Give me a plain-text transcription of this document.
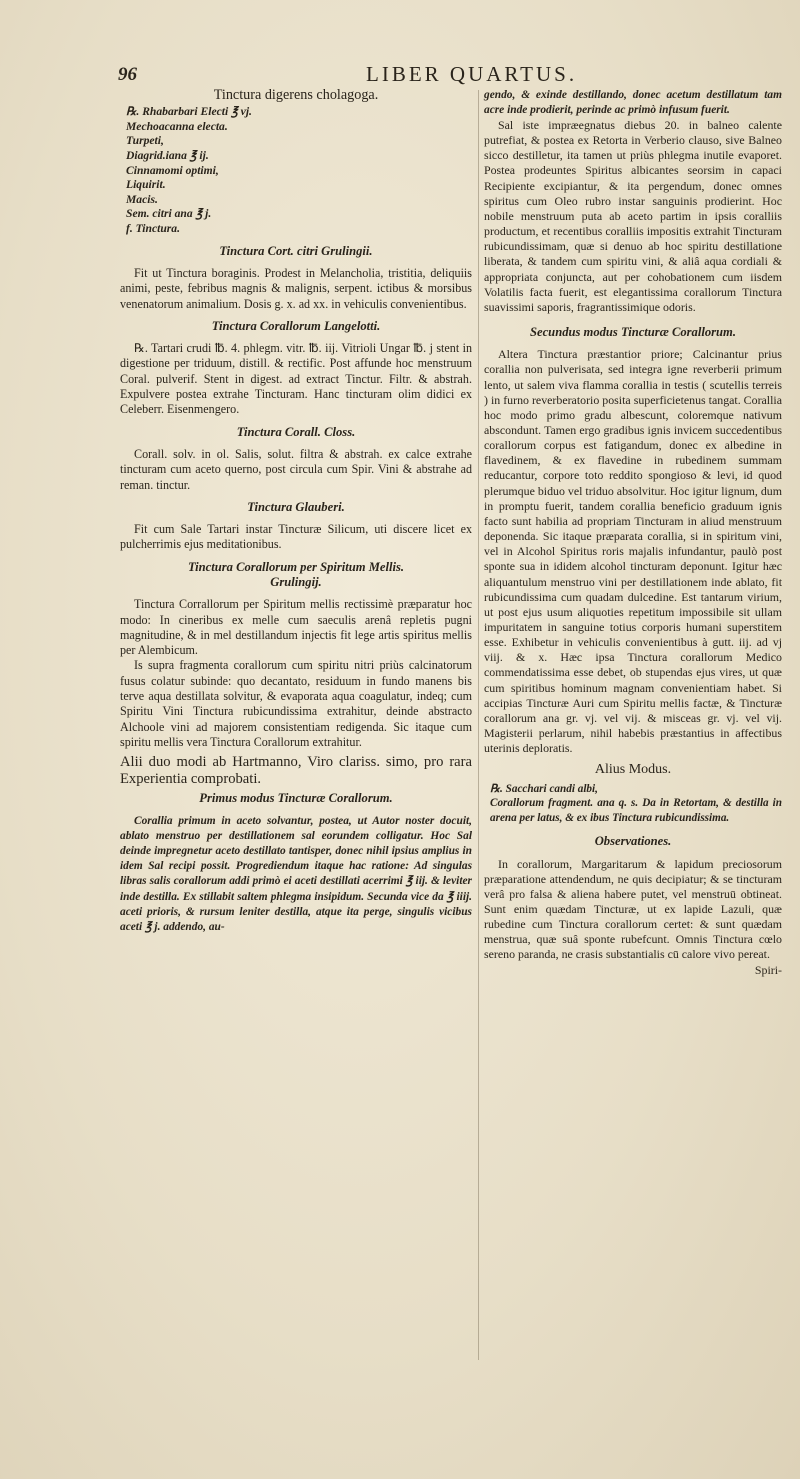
96	LIBER QUARTUS.

Tinctura digerens cholagoga.

℞. Rhabarbari Electi ℥ vj.
Mechoacanna electa.
Turpeti,
Diagrid.iana ℥ ij.
Cinnamomi optimi,
Liquirit.
Macis.
Sem. citri ana ℥ j.
f. Tinctura.

Tinctura Cort. citri Grulingii.

Fit ut Tinctura boraginis. Prodest in Melancholia, tristitia, deliquiis animi, peste, febribus magnis & malignis, serpent. ictibus & morsibus venenatorum animalium. Dosis g. x. ad xx. in vehiculis convenientibus.

Tinctura Corallorum Langelotti.

℞. Tartari crudi ℔. 4. phlegm. vitr. ℔. iij. Vitrioli Ungar ℔. j stent in digestione per triduum, distill. & rectific. Post affunde hoc menstruum Coral. pulverif. Stent in digest. ad extract Tinctur. Filtr. & abstrah. Expulvere postea extrahe Tincturam. Hanc tincturam olim didici ex Celeberr. Eisenmengero.

Tinctura Corall. Closs.

Corall. solv. in ol. Salis, solut. filtra & abstrah. ex calce extrahe tincturam cum aceto querno, post circula cum Spir. Vini & abstrahe ad reman. tinctur.

Tinctura Glauberi.

Fit cum Sale Tartari instar Tincturæ Silicum, uti discere licet ex pulcherrimis ejus meditationibus.

Tinctura Corallorum per Spiritum Mellis.

Grulingij.

Tinctura Corrallorum per Spiritum mellis rectissimè præparatur hoc modo: In cineribus ex melle cum saeculis arenâ repletis pugni magnitudine, & in mel destillandum injectis fit lege artis spiritus mellis per Alembicum.

Is supra fragmenta corallorum cum spiritu nitri priùs calcinatorum fusus colatur subinde: quo decantato, residuum in fundo manens bis terve aqua destillata solvitur, & evaporata aqua coagulatur, indeq; cum Spiritu Vini Tinctura rubicundissima extrahitur, deinde abstracto Alchoole vini ad majorem consistentiam redigenda. Sic itaque cum spiritu mellis vera Tinctura Corallorum extrahitur.

Alii duo modi ab Hartmanno, Viro clariss. simo, pro rara Experientia comprobati.

Primus modus Tincturæ Corallorum.

Corallia primum in aceto solvantur, postea, ut Autor noster docuit, ablato menstruo per destillationem sal eorundem colligatur. Hoc Sal deinde impregnetur aceto destillato tantisper, donec nihil ipsius amplius in idem Sal recipi possit. Progrediendum itaque hac ratione: Ad singulas libras salis corallorum addi primò ei aceti destillati acerrimi ℥ iij. & leviter inde destilla. Ex stillabit saltem phlegma insipidum. Secunda vice da ℥ iiij. aceti prioris, & rursum leniter destilla, atque ita perge, singulis vicibus aceti ℥ j. addendo, au-

gendo, & exinde destillando, donec acetum destillatum tam acre inde prodierit, perinde ac primò infusum fuerit.

Sal iste impræegnatus diebus 20. in balneo calente putrefiat, & postea ex Retorta in Verberio clauso, sive Balneo sicco destilletur, ita tamen ut priùs phlegma inutile evaporet. Postea prodeuntes Spiritus albicantes seorsim in capaci Recipiente excipiantur, & ita pergendum, donec omnes spiritus cum Oleo rubro instar sanguinis prodierint. Hoc nobile menstruum puta ab aceto partim in ipsis coralliis productum, et recentibus coralliis impositis extrahit Tincturam rubicundissimam, quæ si denuo ab hoc spiritu destillatione liberata, & tandem cum spiritu vini, & aliâ aqua cordiali & appropriata conjuncta, aut per cohobationem cum iisdem Volatilis facta fuerit, est elegantissima corallorum Tinctura suavissimi saporis, fragrantissimique odoris.

Secundus modus Tincturæ Corallorum.

Altera Tinctura præstantior priore; Calcinantur prius corallia non pulverisata, sed integra igne reverberii primum lento, ut salem viva flamma corallia in testis ( scutellis terreis ) in furno reverberatorio posita superficietenus tangat. Corallia hoc modo primo gradu albescunt, coloremque nativum abscondunt. Tamen ergo gradibus ignis invicem succedentibus corallorum corpus est fatigandum, donec ex albedine in flavedinem, & ex flavedine in rubedinem summam reducantur, corpore toto reddito spongioso & levi, id quod plerumque biduo vel triduo absolvitur. Hoc igitur lignum, dum in promptu fuerit, tandem corallia beneficio graduum ignis facto sunt habilia ad propriam Tincturam in aliud menstruum deponenda. Sic itaque præparata corallia, si in spiritum vini, vel in Alcohol Spiritus roris majalis infundantur, paulò post sponte sua in ididem alcohol tincturam deponunt. Igitur hæc aliquantulum menstruo vini per destillationem inde ablato, fit rubicundissima cum quadam dulcedine. Est tantarum virium, ut post ejus usum aliquoties repetitum impossibile sit ullam impuritatem in sanguine totius corporis humani superstitem esse. Exhibetur in vehiculis convenientibus à gutt. iij. ad vj viij. & x. Hæc ipsa Tinctura corallorum Medico commendatissima esse debet, ob stupendas ejus vires, ut quæ cum spiritibus hominum magnam convenientiam habet. Si accipias Tincturæ Auri cum Spiritu mellis factæ, & Tincturæ corallorum ana gr. vj. vel vij. & misceas gr. vj. vel vij. Magisterii perlarum, nihil habebis præstantius in affectibus uterinis deploratis.

Alius Modus.

℞. Sacchari candi albi,
Corallorum fragment. ana q. s. Da in Retortam, & destilla in arena per latus, & ex ibus Tinctura rubicundissima.

Observationes.

In corallorum, Margaritarum & lapidum preciosorum præparatione attendendum, ne quis decipiatur; & se tincturam verâ pro falsa & aliena habere putet, vel menstruū obtineat. Sunt enim quædam Tincturæ, ut ex lapide Lazuli, quæ rubedine cum Tinctura corallorum certet: & sunt quædam menstrua, quæ suâ sponte rubefcunt. Omnis Tinctura cœlo sereno paranda, ne crasis substantialis cū calore vivo pereat.

Spiri-
